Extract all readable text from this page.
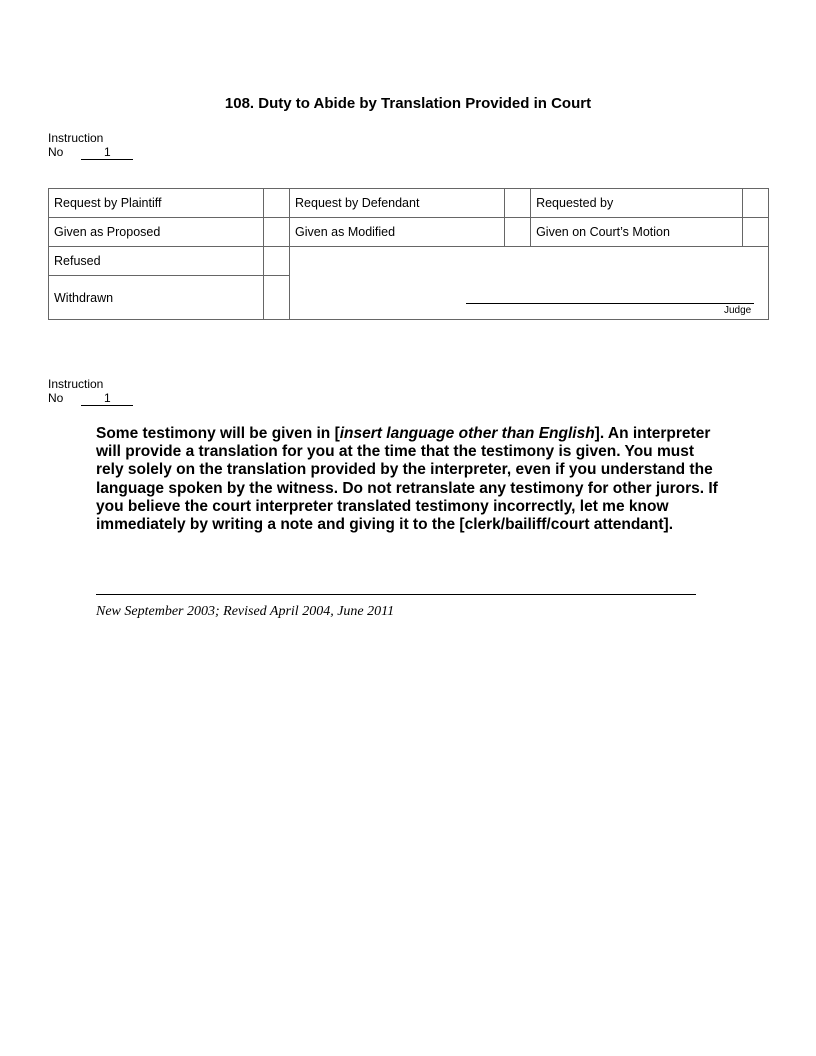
108. Duty to Abide by Translation Provided in Court
Instruction
No	1
Request by Plaintiff		Request by Defendant		Requested by	
Given as Proposed		Given as Modified		Given on Court’s Motion	
Refused					
Withdrawn					
Judge
Instruction
No	1
Some testimony will be given in [insert language other than English]. An interpreter will provide a translation for you at the time that the testimony is given. You must rely solely on the translation provided by the interpreter, even if you understand the language spoken by the witness. Do not retranslate any testimony for other jurors. If you believe the court interpreter translated testimony incorrectly, let me know immediately by writing a note and giving it to the [clerk/bailiff/court attendant].
New September 2003; Revised April 2004, June 2011
